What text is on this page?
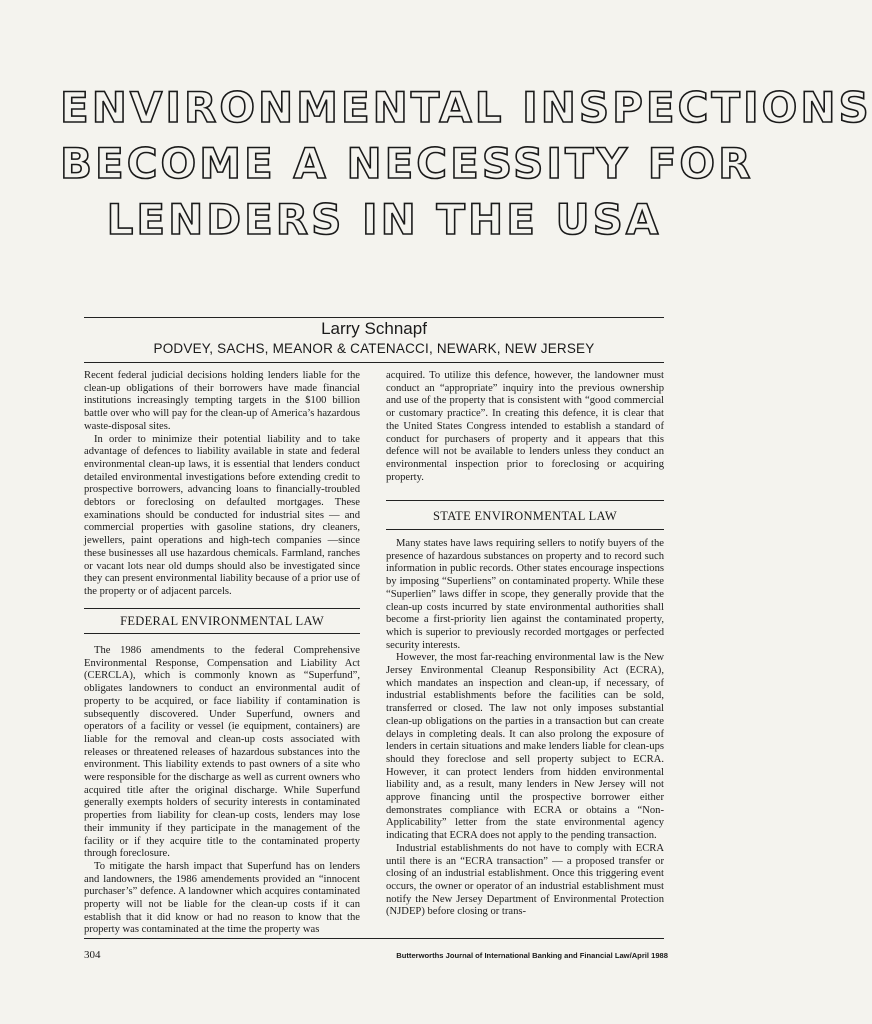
ENVIRONMENTAL INSPECTIONS
BECOME A NECESSITY FOR
LENDERS IN THE USA
Larry Schnapf
PODVEY, SACHS, MEANOR & CATENACCI, NEWARK, NEW JERSEY

Recent federal judicial decisions holding lenders liable for the clean-up obligations of their borrowers have made financial institutions increasingly tempting targets in the $100 billion battle over who will pay for the clean-up of America’s hazardous waste-disposal sites.

In order to minimize their potential liability and to take advantage of defences to liability available in state and federal environmental clean-up laws, it is essential that lenders conduct detailed environmental investigations before extending credit to prospective borrowers, advancing loans to financially-troubled debtors or foreclosing on defaulted mortgages. These examinations should be conducted for industrial sites — and commercial properties with gasoline stations, dry cleaners, jewellers, paint operations and high-tech companies —since these businesses all use hazardous chemicals. Farmland, ranches or vacant lots near old dumps should also be investigated since they can present environmental liability because of a prior use of the property or of adjacent parcels.

FEDERAL ENVIRONMENTAL LAW

The 1986 amendments to the federal Comprehensive Environmental Response, Compensation and Liability Act (CERCLA), which is commonly known as “Superfund”, obligates landowners to conduct an environmental audit of property to be acquired, or face liability if contamination is subsequently discovered. Under Superfund, owners and operators of a facility or vessel (ie equipment, containers) are liable for the removal and clean-up costs associated with releases or threatened releases of hazardous substances into the environment. This liability extends to past owners of a site who were responsible for the discharge as well as current owners who acquired title after the original discharge. While Superfund generally exempts holders of security interests in contaminated properties from liability for clean-up costs, lenders may lose their immunity if they participate in the management of the facility or if they acquire title to the contaminated property through foreclosure.

To mitigate the harsh impact that Superfund has on lenders and landowners, the 1986 amendements provided an “innocent purchaser’s” defence. A landowner which acquires contaminated property will not be liable for the clean-up costs if it can establish that it did know or had no reason to know that the property was contaminated at the time the property was

acquired. To utilize this defence, however, the landowner must conduct an “appropriate” inquiry into the previous ownership and use of the property that is consistent with “good commercial or customary practice”. In creating this defence, it is clear that the United States Congress intended to establish a standard of conduct for purchasers of property and it appears that this defence will not be available to lenders unless they conduct an environmental inspection prior to foreclosing or acquiring property.

STATE ENVIRONMENTAL LAW

Many states have laws requiring sellers to notify buyers of the presence of hazardous substances on property and to record such information in public records. Other states encourage inspections by imposing “Superliens” on contaminated property. While these “Superlien” laws differ in scope, they generally provide that the clean-up costs incurred by state environmental authorities shall become a first-priority lien against the contaminated property, which is superior to previously recorded mortgages or perfected security interests.

However, the most far-reaching environmental law is the New Jersey Environmental Cleanup Responsibility Act (ECRA), which mandates an inspection and clean-up, if necessary, of industrial establishments before the facilities can be sold, transferred or closed. The law not only imposes substantial clean-up obligations on the parties in a transaction but can create delays in completing deals. It can also prolong the exposure of lenders in certain situations and make lenders liable for clean-ups should they foreclose and sell property subject to ECRA. However, it can protect lenders from hidden environmental liability and, as a result, many lenders in New Jersey will not approve financing until the prospective borrower either demonstrates compliance with ECRA or obtains a “Non-Applicability” letter from the state environmental agency indicating that ECRA does not apply to the pending transaction.

Industrial establishments do not have to comply with ECRA until there is an “ECRA transaction” — a proposed transfer or closing of an industrial establishment. Once this triggering event occurs, the owner or operator of an industrial establishment must notify the New Jersey Department of Environmental Protection (NJDEP) before closing or trans-

304	Butterworths Journal of International Banking and Financial Law/April 1988
